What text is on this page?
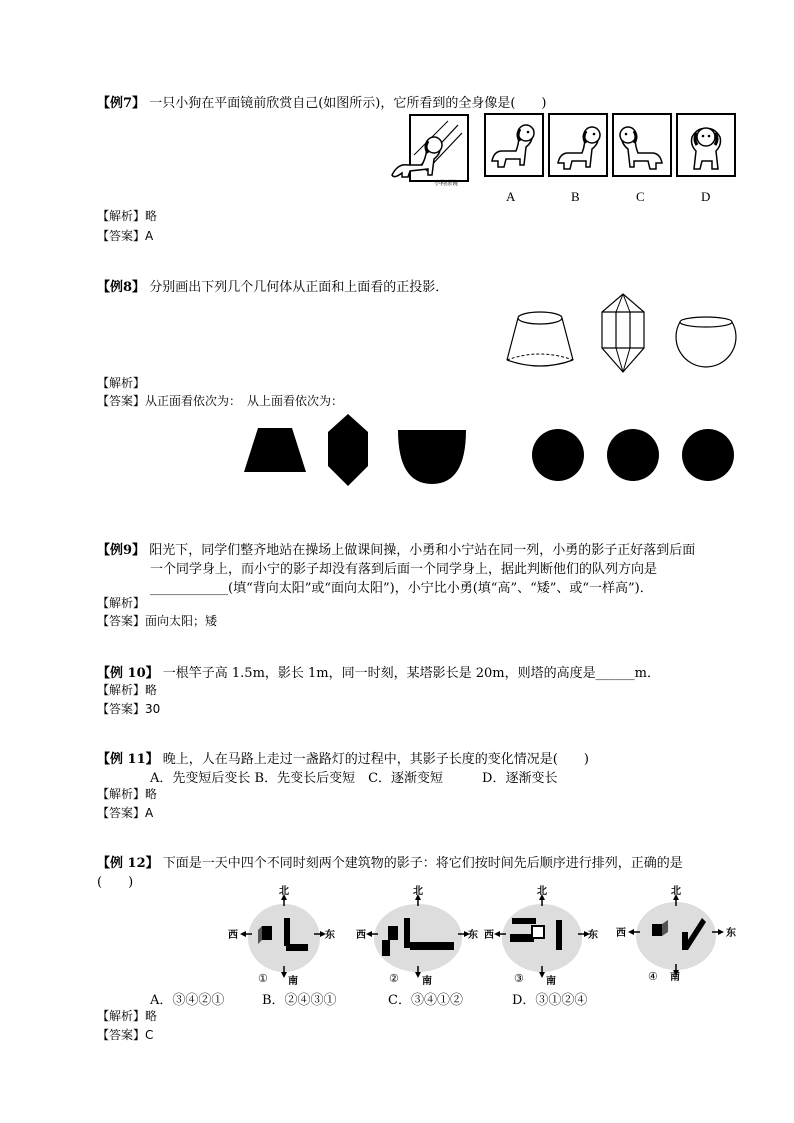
【例7】 一只小狗在平面镜前欣赏自己(如图所示)，它所看到的全身像是(　　)
小狗照镜
A	B	C	D
【解析】略
【答案】A
【例8】 分别画出下列几个几何体从正面和上面看的正投影．
【解析】
【答案】从正面看依次为：　从上面看依次为：
【例9】 阳光下，同学们整齐地站在操场上做课间操，小勇和小宁站在同一列，小勇的影子正好落到后面
一个同学身上，而小宁的影子却没有落到后面一个同学身上，据此判断他们的队列方向是
____________(填“背向太阳”或“面向太阳”)，小宁比小勇(填“高”、“矮”、或“一样高”)．
【解析】
【答案】面向太阳；矮
【例 10】 一根竿子高 1.5m，影长 1m，同一时刻，某塔影长是 20m，则塔的高度是______m．
【解析】略
【答案】30
【例 11】 晚上，人在马路上走过一盏路灯的过程中，其影子长度的变化情况是(　　)
A．先变短后变长 B．先变长后变短　C．逐渐变短　　　D．逐渐变长
【解析】略
【答案】A
【例 12】 下面是一天中四个不同时刻两个建筑物的影子：将它们按时间先后顺序进行排列，正确的是
(　　)
北
西	东
南
①
北
西	东
南
②
北
西	东
南
③
北
西	东
南
④
A．③④②①	B．②④③①	C．③④①②	D．③①②④
【解析】略
【答案】C
